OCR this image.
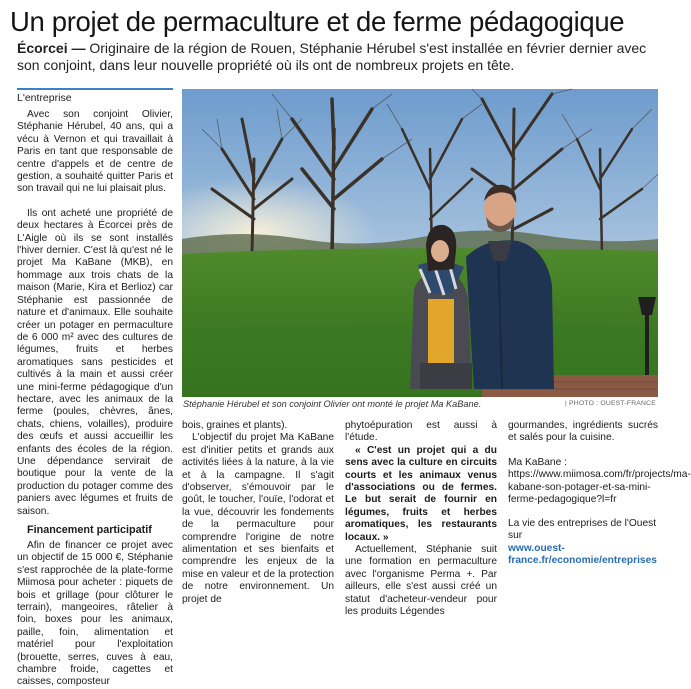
Un projet de permaculture et de ferme pédagogique

Écorcei — Originaire de la région de Rouen, Stéphanie Hérubel s'est installée en février dernier avec son conjoint, dans leur nouvelle propriété où ils ont de nombreux projets en tête.

L'entreprise

Avec son conjoint Olivier, Stéphanie Hérubel, 40 ans, qui a vécu à Vernon et qui travaillait à Paris en tant que responsable de centre d'appels et de centre de gestion, a souhaité quitter Paris et son travail qui ne lui plaisait plus.

Ils ont acheté une propriété de deux hectares à Écorcei près de L'Aigle où ils se sont installés l'hiver dernier. C'est là qu'est né le projet Ma KaBane (MKB), en hommage aux trois chats de la maison (Marie, Kira et Berlioz) car Stéphanie est passionnée de nature et d'animaux. Elle souhaite créer un potager en permaculture de 6 000 m² avec des cultures de légumes, fruits et herbes aromatiques sans pesticides et cultivés à la main et aussi créer une mini-ferme pédagogique d'un hectare, avec les animaux de la ferme (poules, chèvres, ânes, chats, chiens, volailles), produire des œufs et aussi accueillir les enfants des écoles de la région. Une dépendance servirait de boutique pour la vente de la production du potager comme des paniers avec légumes et fruits de saison.

Financement participatif

Afin de financer ce projet avec un objectif de 15 000 €, Stéphanie s'est rapprochée de la plate-forme Miimosa pour acheter : piquets de bois et grillage (pour clôturer le terrain), mangeoires, râtelier à foin, boxes pour les animaux, paille, foin, alimentation et matériel pour l'exploitation (brouette, serres, cuves à eau, chambre froide, cagettes et caisses, composteur

Stéphanie Hérubel et son conjoint Olivier ont monté le projet Ma KaBane.	| PHOTO : OUEST-FRANCE

bois, graines et plants).

L'objectif du projet Ma KaBane est d'initier petits et grands aux activités liées à la nature, à la vie et à la campagne. Il s'agit d'observer, s'émouvoir par le goût, le toucher, l'ouïe, l'odorat et la vue, découvrir les fondements de la permaculture pour comprendre l'origine de notre alimentation et ses bienfaits et comprendre les enjeux de la mise en valeur et de la protection de notre environnement. Un projet de

phytoépuration est aussi à l'étude.

« C'est un projet qui a du sens avec la culture en circuits courts et les animaux venus d'associations ou de fermes. Le but serait de fournir en légumes, fruits et herbes aromatiques, les restaurants locaux. »

Actuellement, Stéphanie suit une formation en permaculture avec l'organisme Perma +. Par ailleurs, elle s'est aussi créé un statut d'acheteur-vendeur pour les produits Légendes

gourmandes, ingrédients sucrés et salés pour la cuisine.

Ma KaBane : https://www.miimosa.com/fr/projects/ma-kabane-son-potager-et-sa-mini-ferme-pedagogique?l=fr

La vie des entreprises de l'Ouest sur
www.ouest-france.fr/economie/entreprises
